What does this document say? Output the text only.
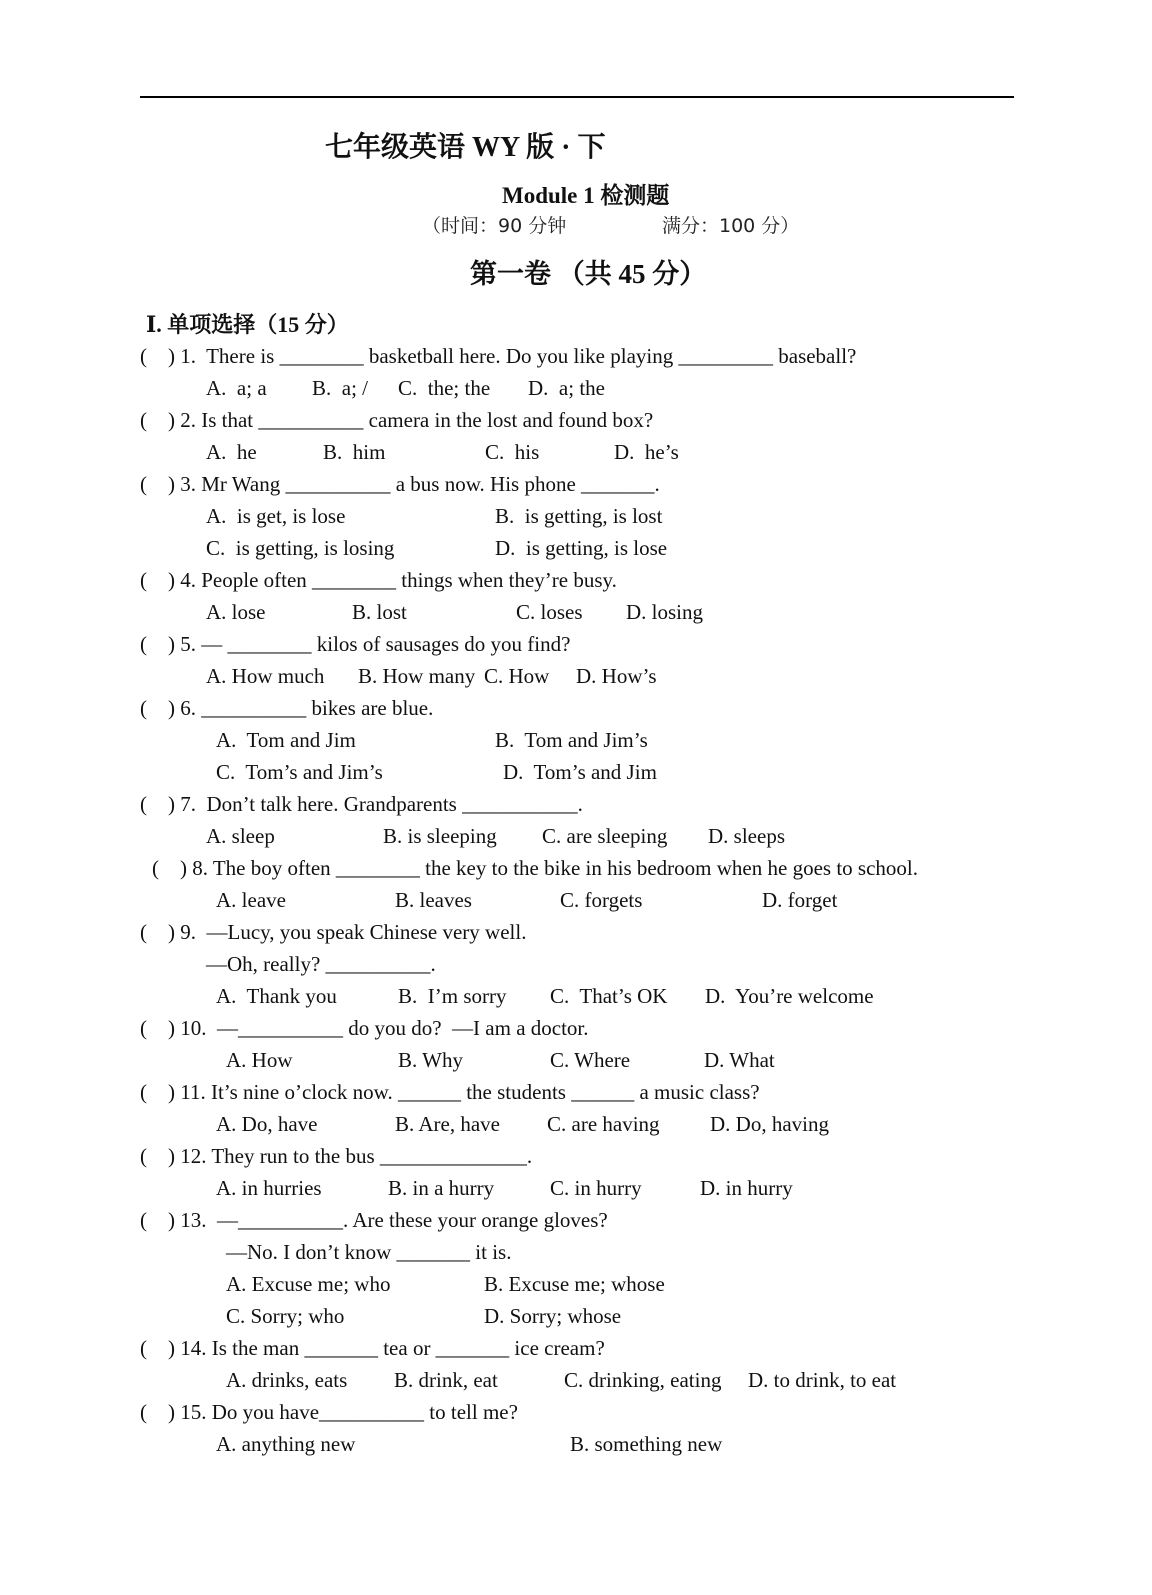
七年级英语 WY 版 · 下
Module 1 检测题
（时间：90 分钟	满分：100 分）
第一卷 （共 45 分）
Ⅰ. 单项选择（15 分）
(　) 1.  There is ________ basketball here. Do you like playing _________ baseball?
A.  a; a B.  a; / C.  the; the D.  a; the
(　) 2. Is that __________ camera in the lost and found box?
A.  he	B.  him	C.  his	D.  he’s
(　) 3. Mr Wang __________ a bus now. His phone _______.
A.  is get, is lose	B.  is getting, is lost
C.  is getting, is losing	D.  is getting, is lose
(　) 4. People often ________ things when they’re busy.
A. lose	B. lost	C. loses D. losing
(　) 5. — ________ kilos of sausages do you find?
A. How much B. How many C. How D. How’s
(　) 6. __________ bikes are blue.
A.  Tom and Jim	B.  Tom and Jim’s
C.  Tom’s and Jim’s	D.  Tom’s and Jim
(　) 7.  Don’t talk here. Grandparents ___________.
A. sleep	B. is sleeping C. are sleeping D. sleeps
(　) 8. The boy often ________ the key to the bike in his bedroom when he goes to school.
A. leave	B. leaves	C. forgets	D. forget
(　) 9.  —Lucy, you speak Chinese very well.
—Oh, really? __________.
A.  Thank you	B.  I’m sorry C.  That’s OK D.  You’re welcome
(　) 10.  —__________ do you do?  —I am a doctor.
A. How	B. Why	C. Where	D. What
(　) 11. It’s nine o’clock now. ______ the students ______ a music class?
A. Do, have	B. Are, have C. are having D. Do, having
(　) 12. They run to the bus ______________.
A. in hurries	B. in a hurry	C. in hurry	D. in hurry
(　) 13.  —__________. Are these your orange gloves?
—No. I don’t know _______ it is.
A. Excuse me; who	B. Excuse me; whose
C. Sorry; who	D. Sorry; whose
(　) 14. Is the man _______ tea or _______ ice cream?
A. drinks, eats B. drink, eat	C. drinking, eating D. to drink, to eat
(　) 15. Do you have__________ to tell me?
A. anything new	B. something new
